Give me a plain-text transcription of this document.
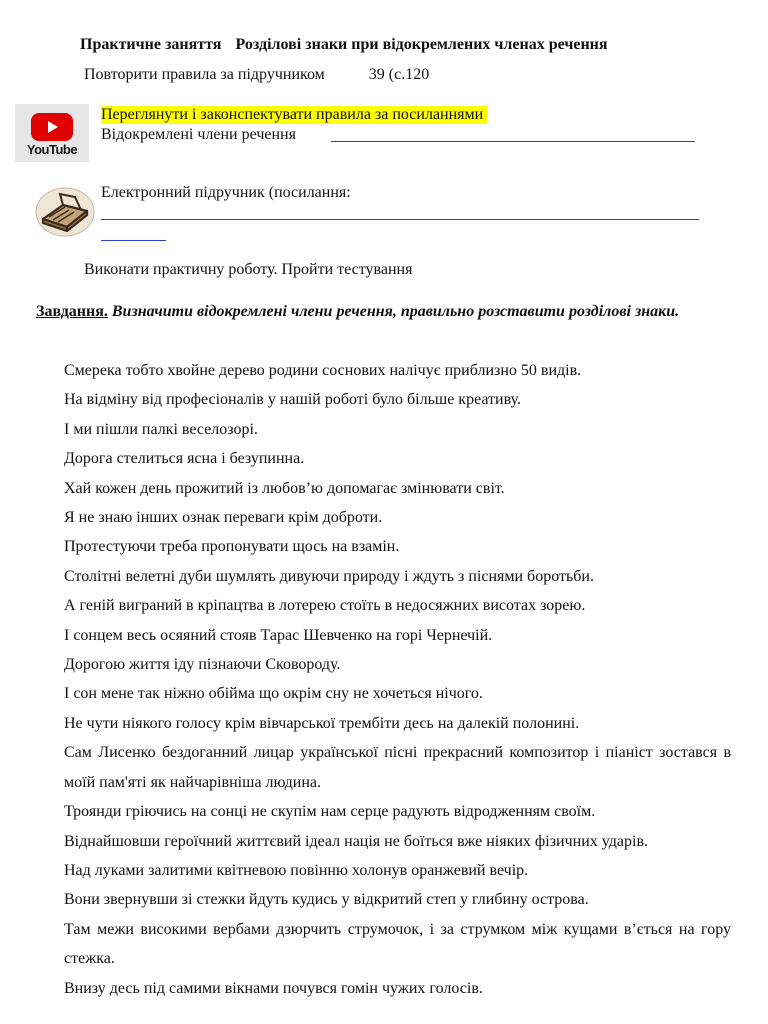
Практичне заняття Розділові знаки при відокремлених членах речення
Повторити правила за підручником	39 (с.120
YouTube
Переглянути і законспектувати правила за посиланнями
Відокремлені члени речення
Електронний підручник (посилання:
Виконати практичну роботу. Пройти тестування
Завдання. Визначити відокремлені члени речення, правильно розставити розділові знаки.
Смерека тобто хвойне дерево родини соснових налічує приблизно 50 видів.
На відміну від професіоналів у нашій роботі було більше креативу.
І ми пішли палкі веселозорі.
Дорога стелиться ясна і безупинна.
Хай кожен день прожитий із любов’ю допомагає змінювати світ.
Я не знаю інших ознак переваги крім доброти.
Протестуючи треба пропонувати щось на взамін.
Столітні велетні дуби шумлять дивуючи природу і ждуть з піснями боротьби.
А геній виграний в кріпацтва в лотерею стоїть в недосяжних висотах зорею.
І сонцем весь осяяний стояв Тарас Шевченко на горі Чернечій.
Дорогою життя іду пізнаючи Сковороду.
І сон мене так ніжно обійма що окрім сну не хочеться нічого.
Не чути ніякого голосу крім вівчарської трембіти десь на далекій полонині.
Сам Лисенко бездоганний лицар української пісні прекрасний композитор і піаніст зостався в моїй пам'яті як найчарівніша людина.
Троянди гріючись на сонці не скупім нам серце радують відродженням своїм.
Віднайшовши героїчний життєвий ідеал нація не боїться вже ніяких фізичних ударів.
Над луками залитими квітневою повінню холонув оранжевий вечір.
Вони звернувши зі стежки йдуть кудись у відкритий степ у глибину острова.
Там межи високими вербами дзюрчить струмочок, і за струмком між кущами в’ється на гору стежка.
Внизу десь під самими вікнами почувся гомін чужих голосів.
